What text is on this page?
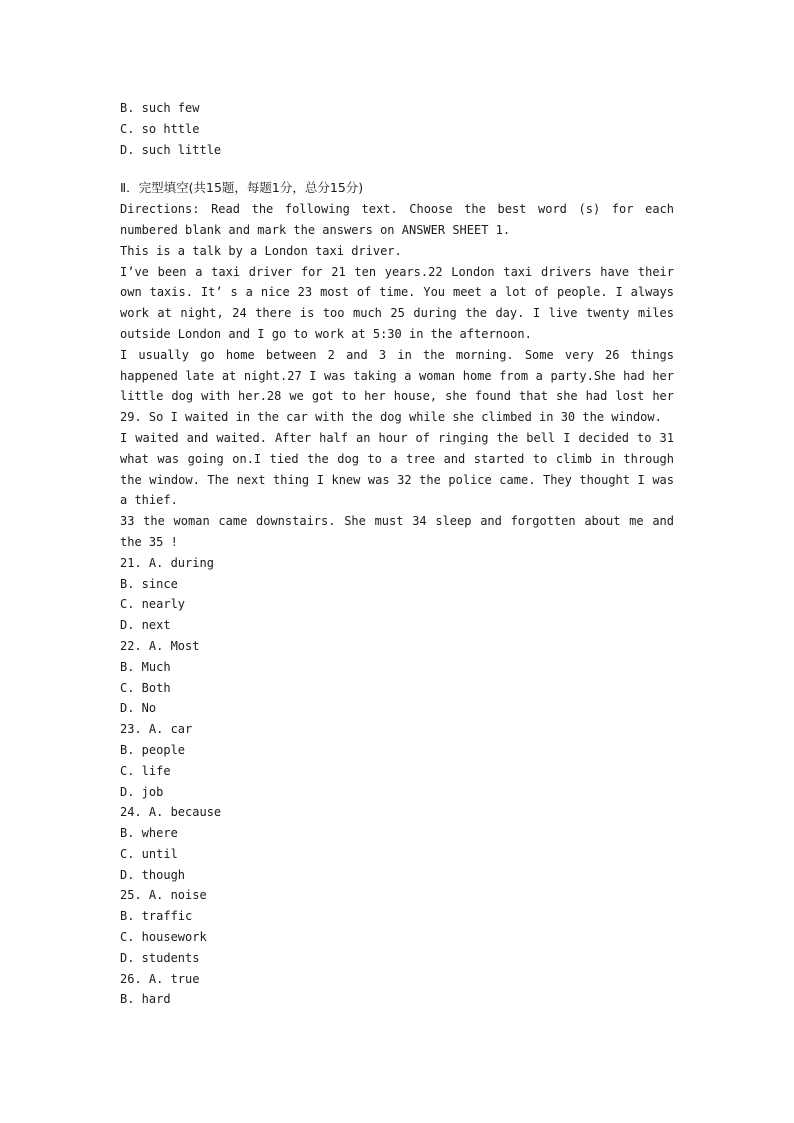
B. such few
C. so httle
D. such little
Ⅱ．完型填空(共15题，每题1分，总分15分)
Directions: Read the following text. Choose the best word (s) for each numbered blank and mark the answers on ANSWER SHEET 1.
This is a talk by a London taxi driver.
I’ve been a taxi driver for 21 ten years.22 London taxi drivers have their own taxis. It’ s a nice 23 most of time. You meet a lot of people. I always work at night, 24 there is too much 25 during the day. I live twenty miles outside London and I go to work at 5:30 in the afternoon.
I usually go home between 2 and 3 in the morning. Some very 26 things happened late at night.27 I was taking a woman home from a party.She had her little dog with her.28 we got to her house, she found that she had lost her 29. So I waited in the car with the dog while she climbed in 30 the window.
I waited and waited. After half an hour of ringing the bell I decided to 31 what was going on.I tied the dog to a tree and started to climb in through the window. The next thing I knew was 32 the police came. They thought I was a thief.
33 the woman came downstairs. She must 34 sleep and forgotten about me and the 35 !
21. A. during
B. since
C. nearly
D. next
22. A. Most
B. Much
C. Both
D. No
23. A. car
B. people
C. life
D. job
24. A. because
B. where
C. until
D. though
25. A. noise
B. traffic
C. housework
D. students
26. A. true
B. hard
